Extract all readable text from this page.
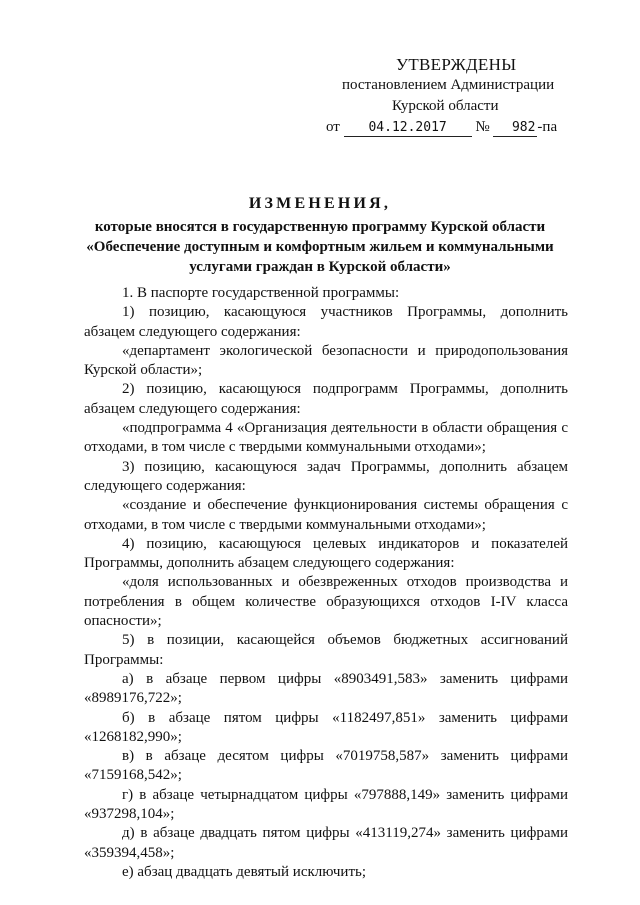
УТВЕРЖДЕНЫ
постановлением Администрации
Курской области
от 04.12.2017 № 982 -па
ИЗМЕНЕНИЯ,
которые вносятся в государственную программу Курской области
«Обеспечение доступным и комфортным жильем и коммунальными
услугами граждан в Курской области»

1. В паспорте государственной программы:

1) позицию, касающуюся участников Программы, дополнить абзацем следующего содержания:

«департамент экологической безопасности и природопользования Курской области»;

2) позицию, касающуюся подпрограмм Программы, дополнить абзацем следующего содержания:

«подпрограмма 4 «Организация деятельности в области обращения с отходами, в том числе с твердыми коммунальными отходами»;

3) позицию, касающуюся задач Программы, дополнить абзацем следующего содержания:

«создание и обеспечение функционирования системы обращения с отходами, в том числе с твердыми коммунальными отходами»;

4) позицию, касающуюся целевых индикаторов и показателей Программы, дополнить абзацем следующего содержания:

«доля использованных и обезвреженных отходов производства и потребления в общем количестве образующихся отходов I-IV класса опасности»;

5) в позиции, касающейся объемов бюджетных ассигнований Программы:

а) в абзаце первом цифры «8903491,583» заменить цифрами «8989176,722»;

б) в абзаце пятом цифры «1182497,851» заменить цифрами «1268182,990»;

в) в абзаце десятом цифры «7019758,587» заменить цифрами «7159168,542»;

г) в абзаце четырнадцатом цифры «797888,149» заменить цифрами «937298,104»;

д) в абзаце двадцать пятом цифры «413119,274» заменить цифрами «359394,458»;

е) абзац двадцать девятый исключить;
